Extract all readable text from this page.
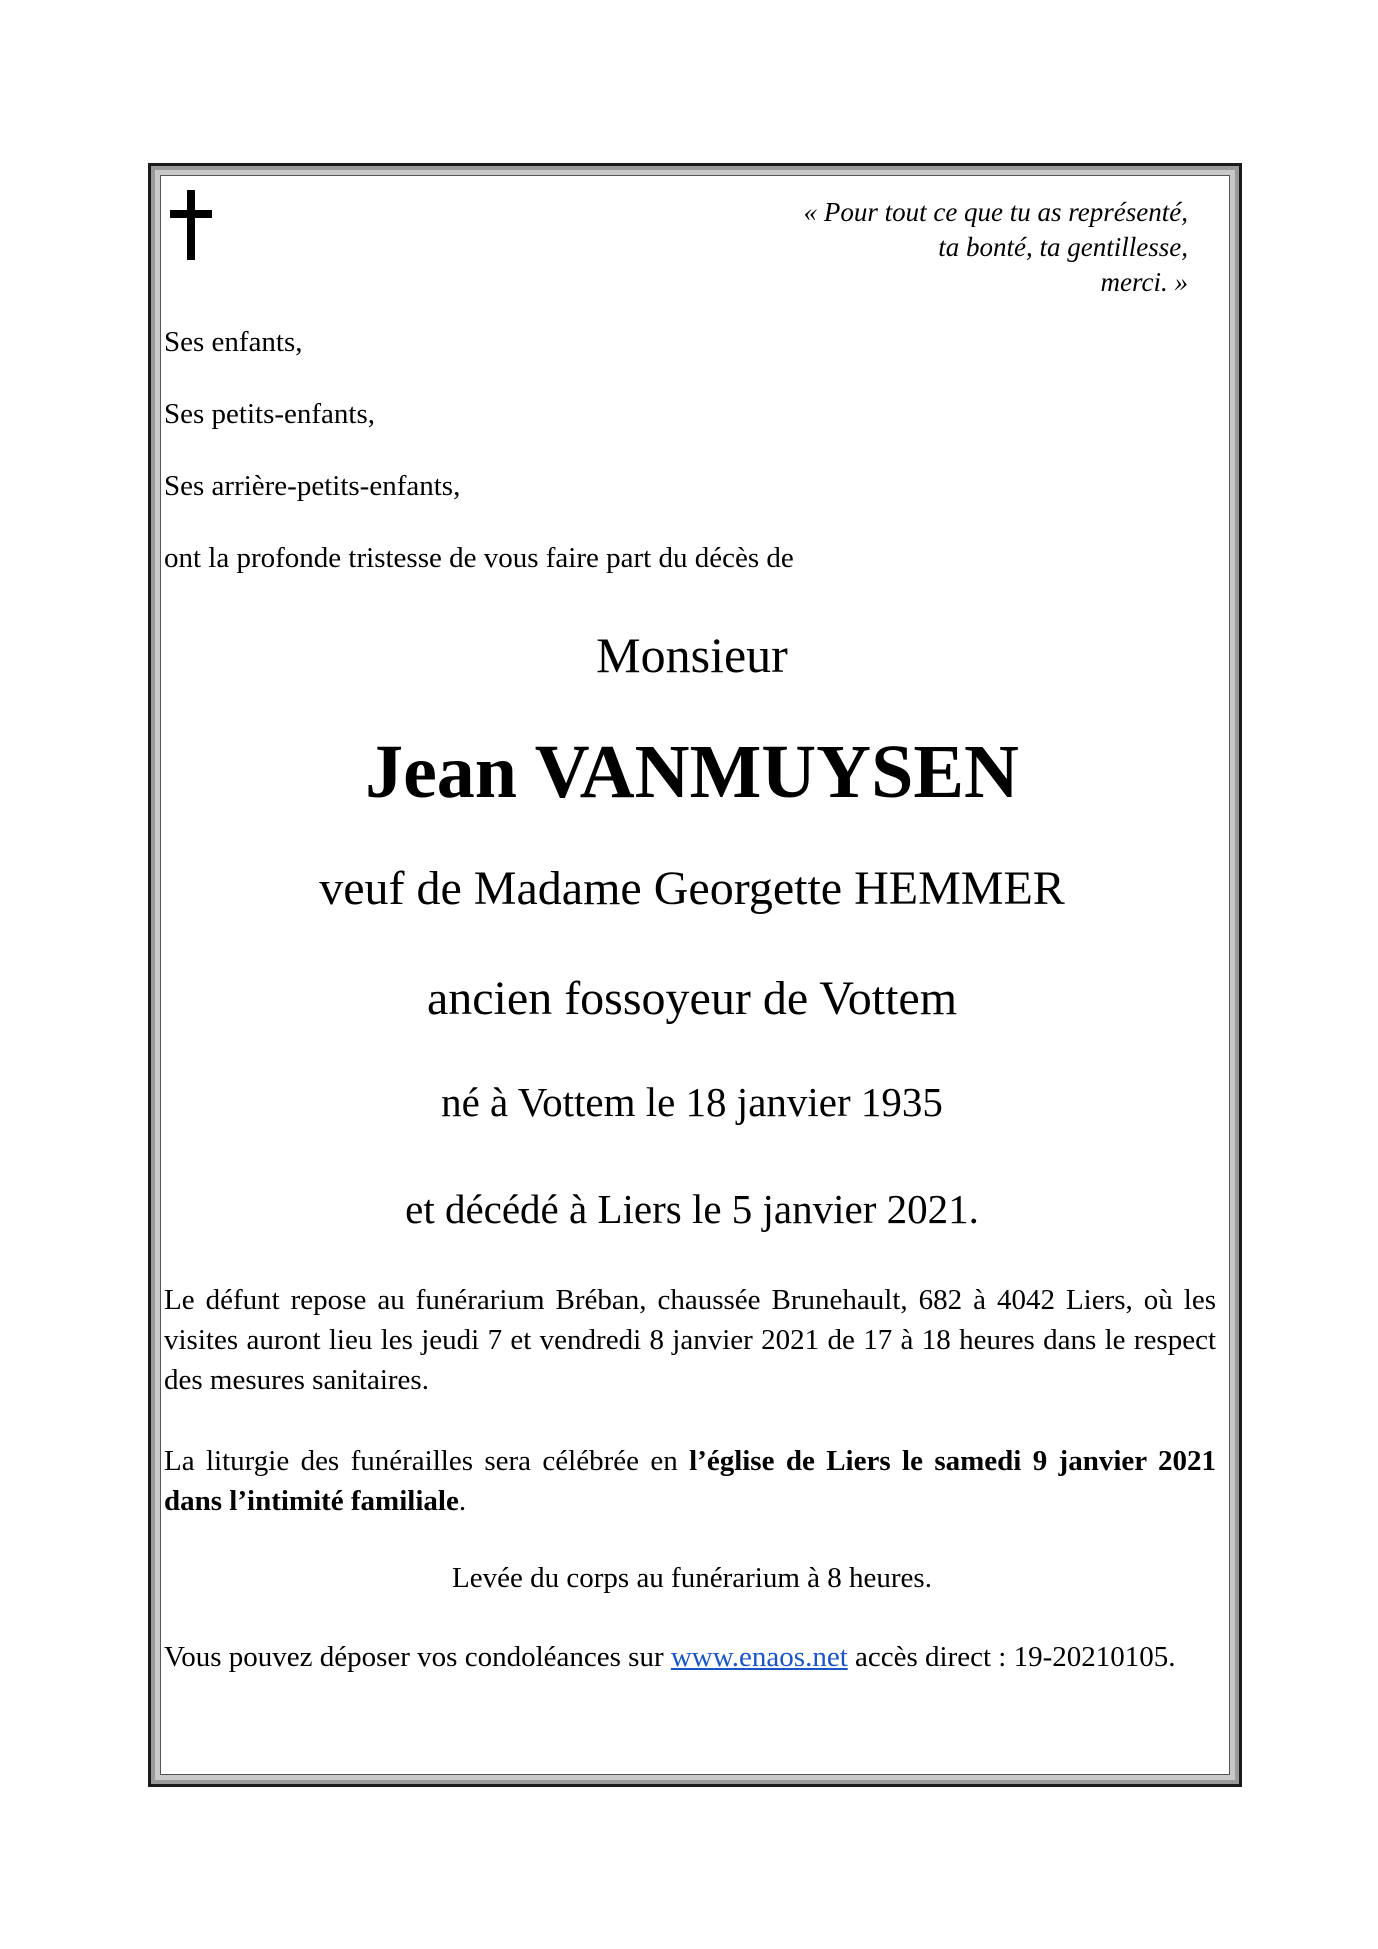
« Pour tout ce que tu as représenté,
ta bonté, ta gentillesse,
merci. »
Ses enfants,
Ses petits-enfants,
Ses arrière-petits-enfants,
ont la profonde tristesse de vous faire part du décès de
Monsieur
Jean VANMUYSEN
veuf de Madame Georgette HEMMER
ancien fossoyeur de Vottem
né à Vottem le 18 janvier 1935
et décédé à Liers le 5 janvier 2021.
Le défunt repose au funérarium Bréban, chaussée Brunehault, 682 à 4042 Liers, où les visites auront lieu les jeudi 7 et vendredi 8 janvier 2021 de 17 à 18 heures dans le respect des mesures sanitaires.
La liturgie des funérailles sera célébrée en l’église de Liers le samedi 9 janvier 2021 dans l’intimité familiale.
Levée du corps au funérarium à 8 heures.
Vous pouvez déposer vos condoléances sur www.enaos.net accès direct : 19-20210105.
